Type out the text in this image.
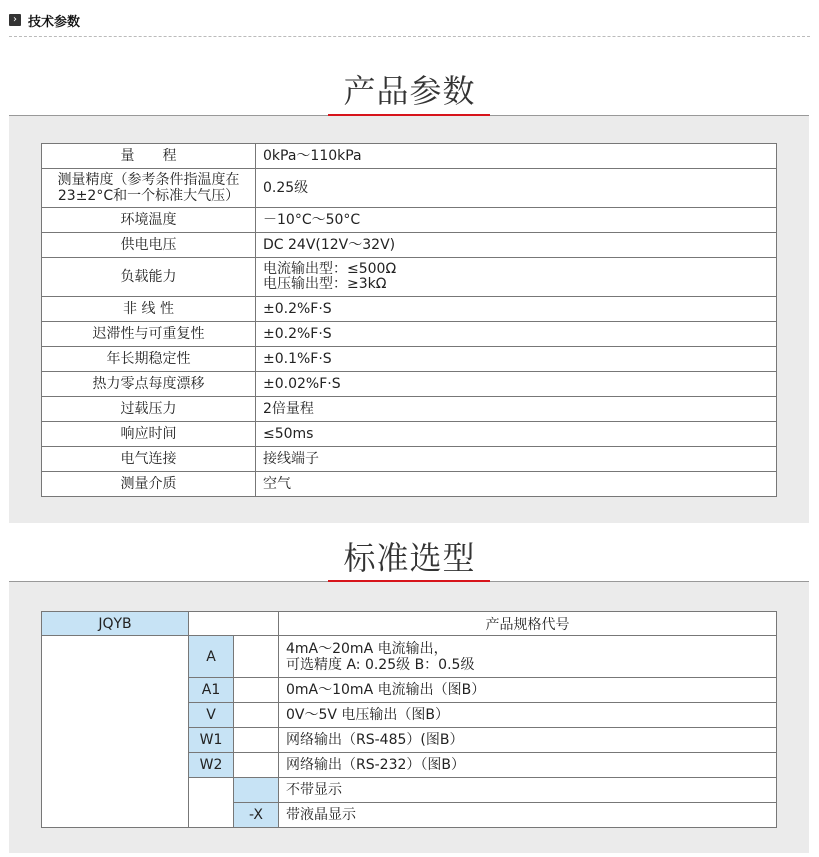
› 技术参数
产品参数
量　　程	0kPa～110kPa
测量精度（参考条件指温度在23±2°C和一个标准大气压）	0.25级
环境温度	－10°C～50°C
供电电压	DC 24V(12V～32V)
负载能力	电流输出型：≤500Ω
电压输出型：≥3kΩ
非 线 性	±0.2%F·S
迟滞性与可重复性	±0.2%F·S
年长期稳定性	±0.1%F·S
热力零点每度漂移	±0.02%F·S
过载压力	2倍量程
响应时间	≤50ms
电气连接	接线端子
测量介质	空气
标准选型
JQYB			产品规格代号
	A		4mA～20mA 电流输出，
可选精度 A: 0.25级 B：0.5级
	A1		0mA～10mA 电流输出（图B）
	V		0V～5V 电压输出（图B）
	W1		网络输出（RS-485）(图B）
	W2		网络输出（RS-232）（图B）
			不带显示
		-X	带液晶显示
